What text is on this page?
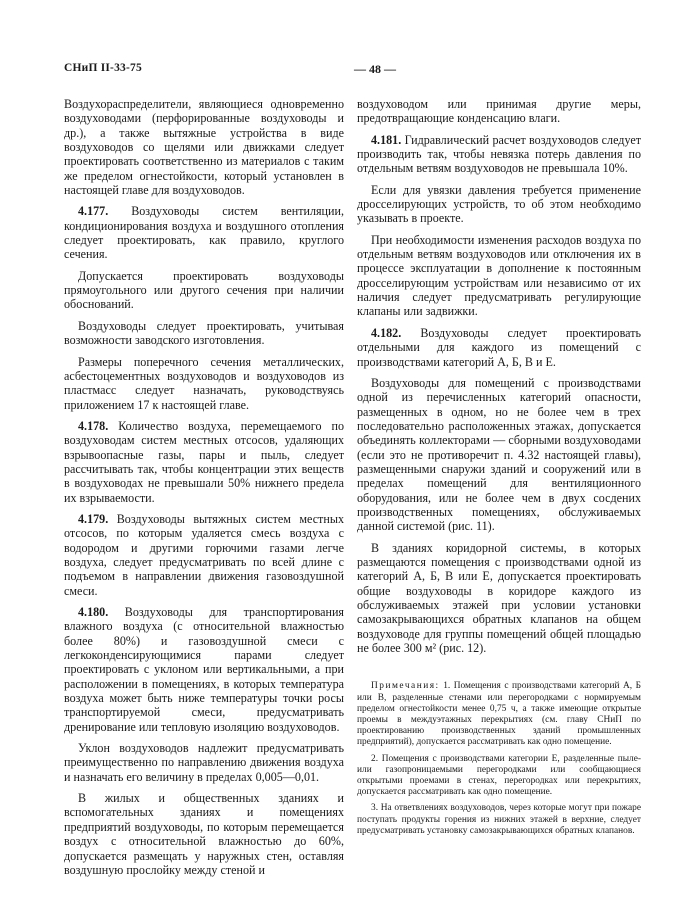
СНиП II-33-75	— 48 —

Воздухораспределители, являющиеся одновременно воздуховодами (перфорированные воздуховоды и др.), а также вытяжные устройства в виде воздуховодов со щелями или движками следует проектировать соответственно из материалов с таким же пределом огнестойкости, который установлен в настоящей главе для воздуховодов.

4.177. Воздуховоды систем вентиляции, кондиционирования воздуха и воздушного отопления следует проектировать, как правило, круглого сечения.

Допускается проектировать воздуховоды прямоугольного или другого сечения при наличии обоснований.

Воздуховоды следует проектировать, учитывая возможности заводского изготовления.

Размеры поперечного сечения металлических, асбестоцементных воздуховодов и воздуховодов из пластмасс следует назначать, руководствуясь приложением 17 к настоящей главе.

4.178. Количество воздуха, перемещаемого по воздуховодам систем местных отсосов, удаляющих взрывоопасные газы, пары и пыль, следует рассчитывать так, чтобы концентрации этих веществ в воздуховодах не превышали 50% нижнего предела их взрываемости.

4.179. Воздуховоды вытяжных систем местных отсосов, по которым удаляется смесь воздуха с водородом и другими горючими газами легче воздуха, следует предусматривать по всей длине с подъемом в направлении движения газовоздушной смеси.

4.180. Воздуховоды для транспортирования влажного воздуха (с относительной влажностью более 80%) и газовоздушной смеси с легкоконденсирующимися парами следует проектировать с уклоном или вертикальными, а при расположении в помещениях, в которых температура воздуха может быть ниже температуры точки росы транспортируемой смеси, предусматривать дренирование или тепловую изоляцию воздуховодов.

Уклон воздуховодов надлежит предусматривать преимущественно по направлению движения воздуха и назначать его величину в пределах 0,005—0,01.

В жилых и общественных зданиях и вспомогательных зданиях и помещениях предприятий воздуховоды, по которым перемещается воздух с относительной влажностью до 60%, допускается размещать у наружных стен, оставляя воздушную прослойку между стеной и

воздуховодом или принимая другие меры, предотвращающие конденсацию влаги.

4.181. Гидравлический расчет воздуховодов следует производить так, чтобы невязка потерь давления по отдельным ветвям воздуховодов не превышала 10%.

Если для увязки давления требуется применение дросселирующих устройств, то об этом необходимо указывать в проекте.

При необходимости изменения расходов воздуха по отдельным ветвям воздуховодов или отключения их в процессе эксплуатации в дополнение к постоянным дросселирующим устройствам или независимо от их наличия следует предусматривать регулирующие клапаны или задвижки.

4.182. Воздуховоды следует проектировать отдельными для каждого из помещений с производствами категорий А, Б, В и Е.

Воздуховоды для помещений с производствами одной из перечисленных категорий опасности, размещенных в одном, но не более чем в трех последовательно расположенных этажах, допускается объединять коллекторами — сборными воздуховодами (если это не противоречит п. 4.32 настоящей главы), размещенными снаружи зданий и сооружений или в пределах помещений для вентиляционного оборудования, или не более чем в двух сосдених производственных помещениях, обслуживаемых данной системой (рис. 11).

В зданиях коридорной системы, в которых размещаются помещения с производствами одной из категорий А, Б, В или Е, допускается проектировать общие воздуховоды в коридоре каждого из обслуживаемых этажей при условии установки самозакрывающихся обратных клапанов на общем воздуховоде для группы помещений общей площадью не более 300 м² (рис. 12).

Примечания: 1. Помещения с производствами категорий А, Б или В, разделенные стенами или перегородками с нормируемым пределом огнестойкости менее 0,75 ч, а также имеющие открытые проемы в междуэтажных перекрытиях (см. главу СНиП по проектированию производственных зданий промышленных предприятий), допускается рассматривать как одно помещение.

2. Помещения с производствами категории Е, разделенные пыле- или газопроницаемыми перегородками или сообщающиеся открытыми проемами в стенах, перегородках или перекрытиях, допускается рассматривать как одно помещение.

3. На ответвлениях воздуховодов, через которые могут при пожаре поступать продукты горения из нижних этажей в верхние, следует предусматривать установку самозакрывающихся обратных клапанов.
